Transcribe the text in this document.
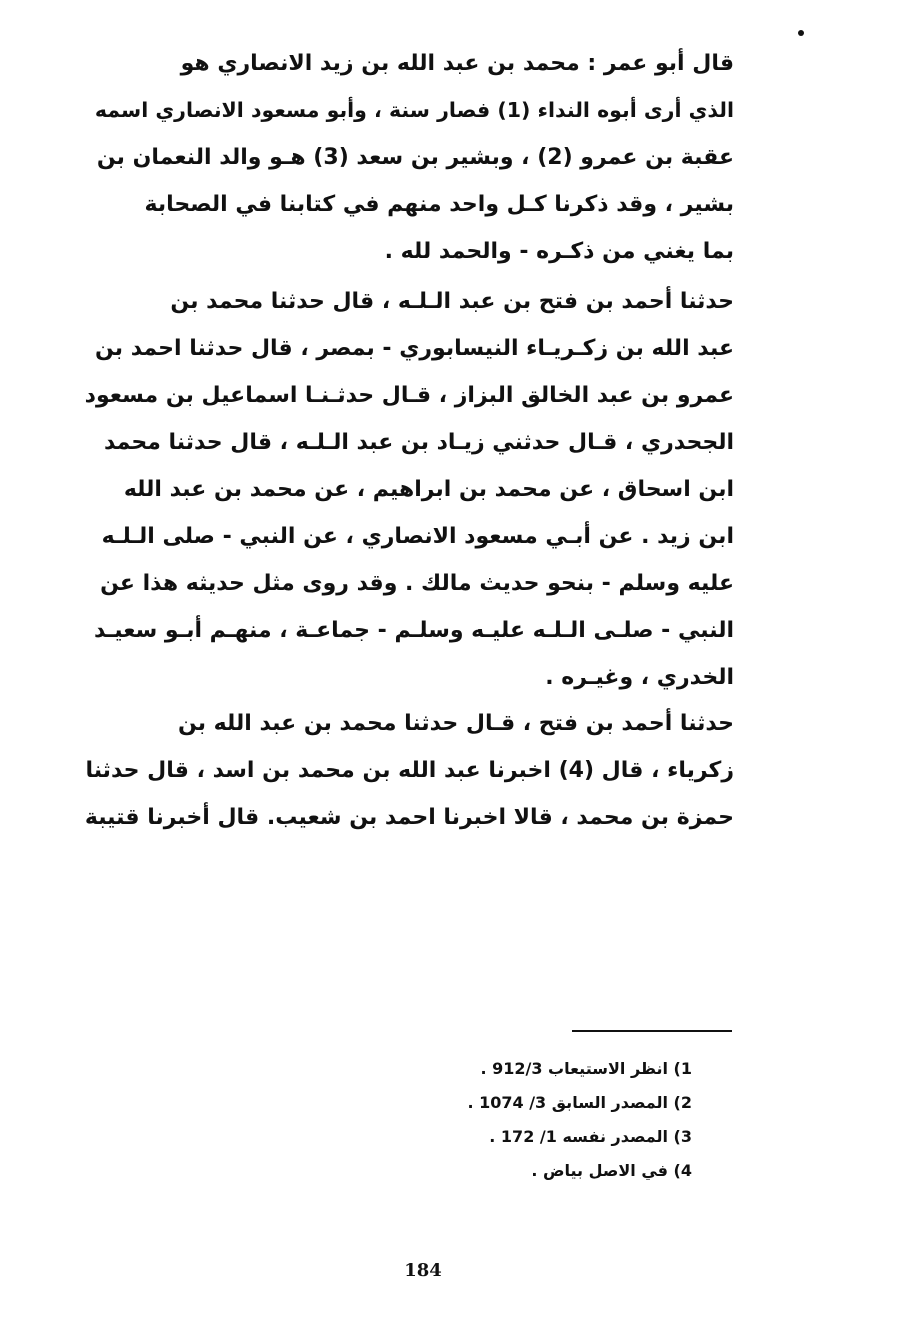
قال أبو عمر : محمد بن عبد الله بن زيد الانصاري هو
الذي أرى أبوه النداء (1) فصار سنة ، وأبو مسعود الانصاري اسمه
عقبة بن عمرو (2) ، وبشير بن سعد (3) هـو والد النعمان بن
بشير ، وقد ذكرنا كـل واحد منهم في كتابنا في الصحابة
بما يغني من ذكـره - والحمد لله .
حدثنا أحمد بن فتح بن عبد الـلـه ، قال حدثنا محمد بن
عبد الله بن زكـريـاء النيسابوري - بمصر ، قال حدثنا احمد بن
عمرو بن عبد الخالق البزاز ، قـال حدثـنـا اسماعيل بن مسعود
الجحدري ، قـال حدثني زيـاد بن عبد الـلـه ، قال حدثنا محمد
ابن اسحاق ، عن محمد بن ابراهيم ، عن محمد بن عبد الله
ابن زيد . عن أبـي مسعود الانصاري ، عن النبي - صلى الـلـه
عليه وسلم - بنحو حديث مالك . وقد روى مثل حديثه هذا عن
النبي - صلـى الـلـه عليـه وسلـم - جماعـة ، منهـم أبـو سعيـد
الخدري ، وغيـره .
حدثنا أحمد بن فتح ، قـال حدثنا محمد بن عبد الله بن
زكرياء ، قال (4) اخبرنا عبد الله بن محمد بن اسد ، قال حدثنا
حمزة بن محمد ، قالا اخبرنا احمد بن شعيب. قال أخبرنا قتيبة
1) انظر الاستيعاب 912/3 .
2) المصدر السابق 3/ 1074 .
3) المصدر نفسه 1/ 172 .
4) في الاصل بياض .
184
